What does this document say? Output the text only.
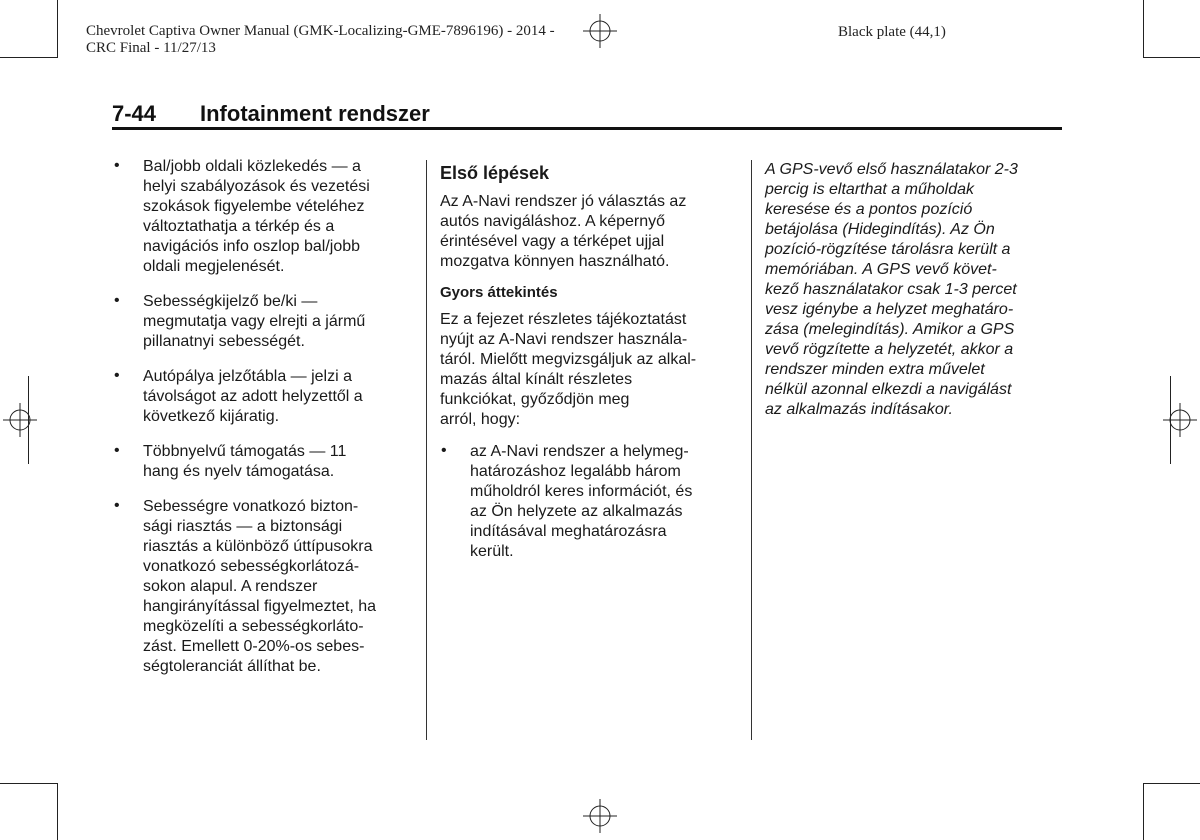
Chevrolet Captiva Owner Manual (GMK-Localizing-GME-7896196) - 2014 -
CRC Final - 11/27/13
Black plate (44,1)
7-44 Infotainment rendszer
• Bal/jobb oldali közlekedés — a

helyi szabályozások és vezetési

szokások figyelembe vételéhez

változtathatja a térkép és a

navigációs info oszlop bal/jobb

oldali megjelenését.

• Sebességkijelző be/ki —

megmutatja vagy elrejti a jármű

pillanatnyi sebességét.

• Autópálya jelzőtábla — jelzi a

távolságot az adott helyzettől a

következő kijáratig.

• Többnyelvű támogatás — 11

hang és nyelv támogatása.

• Sebességre vonatkozó bizton-

sági riasztás — a biztonsági

riasztás a különböző úttípusokra

vonatkozó sebességkorlátozá-

sokon alapul. A rendszer

hangirányítással figyelmeztet, ha

megközelíti a sebességkorláto-

zást. Emellett 0-20%-os sebes-

ségtoleranciát állíthat be.

Első lépések

Az A-Navi rendszer jó választás az

autós navigáláshoz. A képernyő

érintésével vagy a térképet ujjal

mozgatva könnyen használható.

Gyors áttekintés

Ez a fejezet részletes tájékoztatást

nyújt az A-Navi rendszer használa-

táról. Mielőtt megvizsgáljuk az alkal-

mazás által kínált részletes

funkciókat, győződjön meg

arról, hogy:

• az A-Navi rendszer a helymeg-

határozáshoz legalább három

műholdról keres információt, és

az Ön helyzete az alkalmazás

indításával meghatározásra

került.

A GPS-vevő első használatakor 2-3

percig is eltarthat a műholdak

keresése és a pontos pozíció

betájolása (Hidegindítás). Az Ön

pozíció-rögzítése tárolásra került a

memóriában. A GPS vevő követ-

kező használatakor csak 1-3 percet

vesz igénybe a helyzet meghatáro-

zása (melegindítás). Amikor a GPS

vevő rögzítette a helyzetét, akkor a

rendszer minden extra művelet

nélkül azonnal elkezdi a navigálást

az alkalmazás indításakor.
